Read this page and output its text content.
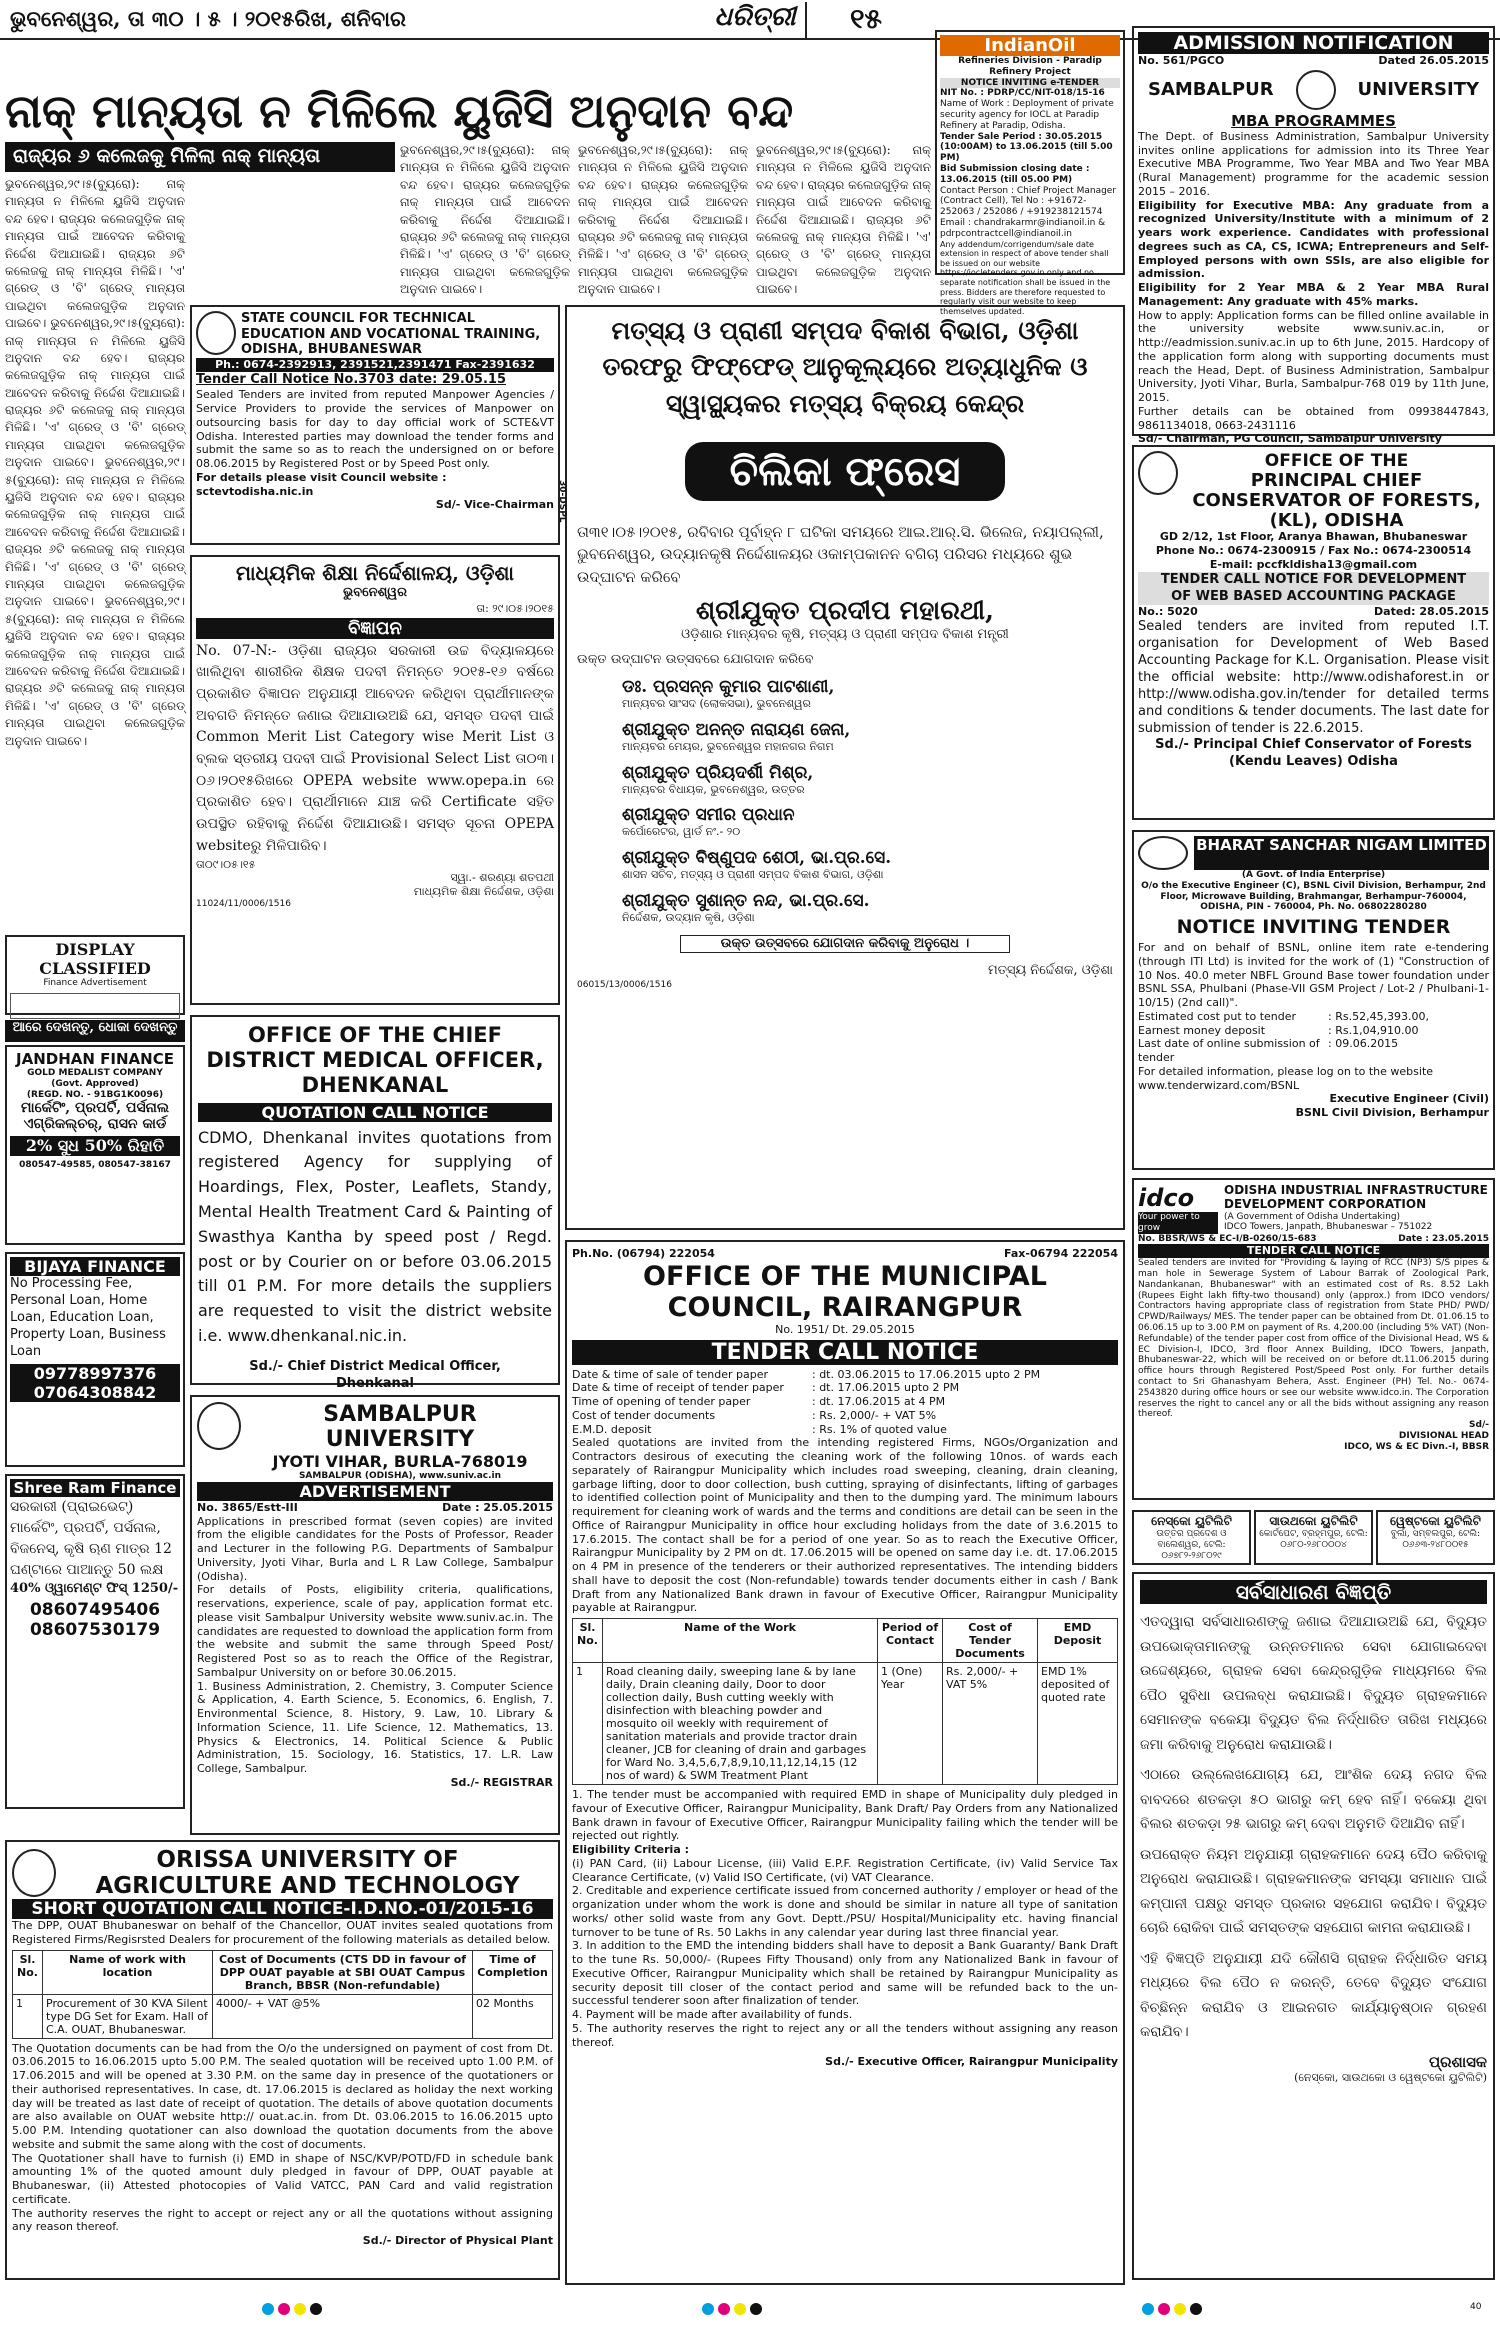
ଭୁବନେଶ୍ୱର, ତା ୩୦ । ୫ । ୨୦୧୫ରିଖ, ଶନିବାର	ଧରିତ୍ରୀ	୧୫
ନାକ୍ ମାନ୍ୟତା ନ ମିଳିଲେ ୟୁଜିସି ଅନୁଦାନ ବନ୍ଦ
ରାଜ୍ୟର ୬ କଲେଜକୁ ମିଳିଲା ନାକ୍ ମାନ୍ୟତା
ଭୁବନେଶ୍ୱର,୨୯।୫(ବ୍ୟୁରୋ): ନାକ୍ ମାନ୍ୟତା ନ ମିଳିଲେ ୟୁଜିସି ଅନୁଦାନ ବନ୍ଦ ହେବ। ରାଜ୍ୟର କଲେଜଗୁଡ଼ିକ ନାକ୍ ମାନ୍ୟତା ପାଇଁ ଆବେଦନ କରିବାକୁ ନିର୍ଦ୍ଦେଶ ଦିଆଯାଇଛି। ରାଜ୍ୟର ୬ଟି କଲେଜକୁ ନାକ୍ ମାନ୍ୟତା ମିଳିଛି। 'ଏ' ଗ୍ରେଡ୍ ଓ 'ବି' ଗ୍ରେଡ୍ ମାନ୍ୟତା ପାଇଥିବା କଲେଜଗୁଡ଼ିକ ଅନୁଦାନ ପାଇବେ। ଭୁବନେଶ୍ୱର,୨୯।୫(ବ୍ୟୁରୋ): ନାକ୍ ମାନ୍ୟତା ନ ମିଳିଲେ ୟୁଜିସି ଅନୁଦାନ ବନ୍ଦ ହେବ। ରାଜ୍ୟର କଲେଜଗୁଡ଼ିକ ନାକ୍ ମାନ୍ୟତା ପାଇଁ ଆବେଦନ କରିବାକୁ ନିର୍ଦ୍ଦେଶ ଦିଆଯାଇଛି। ରାଜ୍ୟର ୬ଟି କଲେଜକୁ ନାକ୍ ମାନ୍ୟତା ମିଳିଛି। 'ଏ' ଗ୍ରେଡ୍ ଓ 'ବି' ଗ୍ରେଡ୍ ମାନ୍ୟତା ପାଇଥିବା କଲେଜଗୁଡ଼ିକ ଅନୁଦାନ ପାଇବେ। ଭୁବନେଶ୍ୱର,୨୯।୫(ବ୍ୟୁରୋ): ନାକ୍ ମାନ୍ୟତା ନ ମିଳିଲେ ୟୁଜିସି ଅନୁଦାନ ବନ୍ଦ ହେବ। ରାଜ୍ୟର କଲେଜଗୁଡ଼ିକ ନାକ୍ ମାନ୍ୟତା ପାଇଁ ଆବେଦନ କରିବାକୁ ନିର୍ଦ୍ଦେଶ ଦିଆଯାଇଛି। ରାଜ୍ୟର ୬ଟି କଲେଜକୁ ନାକ୍ ମାନ୍ୟତା ମିଳିଛି। 'ଏ' ଗ୍ରେଡ୍ ଓ 'ବି' ଗ୍ରେଡ୍ ମାନ୍ୟତା ପାଇଥିବା କଲେଜଗୁଡ଼ିକ ଅନୁଦାନ ପାଇବେ। ଭୁବନେଶ୍ୱର,୨୯।୫(ବ୍ୟୁରୋ): ନାକ୍ ମାନ୍ୟତା ନ ମିଳିଲେ ୟୁଜିସି ଅନୁଦାନ ବନ୍ଦ ହେବ। ରାଜ୍ୟର କଲେଜଗୁଡ଼ିକ ନାକ୍ ମାନ୍ୟତା ପାଇଁ ଆବେଦନ କରିବାକୁ ନିର୍ଦ୍ଦେଶ ଦିଆଯାଇଛି। ରାଜ୍ୟର ୬ଟି କଲେଜକୁ ନାକ୍ ମାନ୍ୟତା ମିଳିଛି। 'ଏ' ଗ୍ରେଡ୍ ଓ 'ବି' ଗ୍ରେଡ୍ ମାନ୍ୟତା ପାଇଥିବା କଲେଜଗୁଡ଼ିକ ଅନୁଦାନ ପାଇବେ।
ଭୁବନେଶ୍ୱର,୨୯।୫(ବ୍ୟୁରୋ): ନାକ୍ ମାନ୍ୟତା ନ ମିଳିଲେ ୟୁଜିସି ଅନୁଦାନ ବନ୍ଦ ହେବ। ରାଜ୍ୟର କଲେଜଗୁଡ଼ିକ ନାକ୍ ମାନ୍ୟତା ପାଇଁ ଆବେଦନ କରିବାକୁ ନିର୍ଦ୍ଦେଶ ଦିଆଯାଇଛି। ରାଜ୍ୟର ୬ଟି କଲେଜକୁ ନାକ୍ ମାନ୍ୟତା ମିଳିଛି। 'ଏ' ଗ୍ରେଡ୍ ଓ 'ବି' ଗ୍ରେଡ୍ ମାନ୍ୟତା ପାଇଥିବା କଲେଜଗୁଡ଼ିକ ଅନୁଦାନ ପାଇବେ।
ଭୁବନେଶ୍ୱର,୨୯।୫(ବ୍ୟୁରୋ): ନାକ୍ ମାନ୍ୟତା ନ ମିଳିଲେ ୟୁଜିସି ଅନୁଦାନ ବନ୍ଦ ହେବ। ରାଜ୍ୟର କଲେଜଗୁଡ଼ିକ ନାକ୍ ମାନ୍ୟତା ପାଇଁ ଆବେଦନ କରିବାକୁ ନିର୍ଦ୍ଦେଶ ଦିଆଯାଇଛି। ରାଜ୍ୟର ୬ଟି କଲେଜକୁ ନାକ୍ ମାନ୍ୟତା ମିଳିଛି। 'ଏ' ଗ୍ରେଡ୍ ଓ 'ବି' ଗ୍ରେଡ୍ ମାନ୍ୟତା ପାଇଥିବା କଲେଜଗୁଡ଼ିକ ଅନୁଦାନ ପାଇବେ।
ଭୁବନେଶ୍ୱର,୨୯।୫(ବ୍ୟୁରୋ): ନାକ୍ ମାନ୍ୟତା ନ ମିଳିଲେ ୟୁଜିସି ଅନୁଦାନ ବନ୍ଦ ହେବ। ରାଜ୍ୟର କଲେଜଗୁଡ଼ିକ ନାକ୍ ମାନ୍ୟତା ପାଇଁ ଆବେଦନ କରିବାକୁ ନିର୍ଦ୍ଦେଶ ଦିଆଯାଇଛି। ରାଜ୍ୟର ୬ଟି କଲେଜକୁ ନାକ୍ ମାନ୍ୟତା ମିଳିଛି। 'ଏ' ଗ୍ରେଡ୍ ଓ 'ବି' ଗ୍ରେଡ୍ ମାନ୍ୟତା ପାଇଥିବା କଲେଜଗୁଡ଼ିକ ଅନୁଦାନ ପାଇବେ।
IndianOil
Refineries Division - Paradip Refinery Project
NOTICE INVITING e-TENDER
NIT No. : PDRP/CC/NIT-018/15-16
Name of Work : Deployment of private security agency for IOCL at Paradip Refinery at Paradip, Odisha.
Tender Sale Period : 30.05.2015 (10:00AM) to 13.06.2015 (till 5.00 PM)
Bid Submission closing date : 13.06.2015 (till 05.00 PM)
Contact Person : Chief Project Manager (Contract Cell), Tel No : +91672-252063 / 252086 / +919238121574
Email : chandrakarmr@indianoil.in & pdrpcontractcell@indianoil.in
Any addendum/corrigendum/sale date extension in respect of above tender shall be issued on our website https://iocletenders.gov.in only and no separate notification shall be issued in the press. Bidders are therefore requested to regularly visit our website to keep themselves updated.
ADMISSION NOTIFICATION
No. 561/PGCO	Dated 26.05.2015
SAMBALPUR	UNIVERSITY
MBA PROGRAMMES
The Dept. of Business Administration, Sambalpur University invites online applications for admission into its Three Year Executive MBA Programme, Two Year MBA and Two Year MBA (Rural Management) programme for the academic session 2015 – 2016.
Eligibility for Executive MBA: Any graduate from a recognized University/Institute with a minimum of 2 years work experience. Candidates with professional degrees such as CA, CS, ICWA; Entrepreneurs and Self-Employed persons with own SSIs, are also eligible for admission.
Eligibility for 2 Year MBA & 2 Year MBA Rural Management: Any graduate with 45% marks.
How to apply: Application forms can be filled online available in the university website www.suniv.ac.in, or http://eadmission.suniv.ac.in up to 6th June, 2015. Hardcopy of the application form along with supporting documents must reach the Head, Dept. of Business Administration, Sambalpur University, Jyoti Vihar, Burla, Sambalpur-768 019 by 11th June, 2015.
Further details can be obtained from 09938447843, 9861134018, 0663-2431116
Sd/- Chairman, PG Council, Sambalpur University
STATE COUNCIL FOR TECHNICAL EDUCATION AND VOCATIONAL TRAINING, ODISHA, BHUBANESWAR
Ph.: 0674-2392913, 2391521,2391471 Fax-2391632
Tender Call Notice No.3703 date: 29.05.15
Sealed Tenders are invited from reputed Manpower Agencies / Service Providers to provide the services of Manpower on outsourcing basis for day to day official work of SCTE&VT Odisha. Interested parties may download the tender forms and submit the same so as to reach the undersigned on or before 08.06.2015 by Registered Post or by Speed Post only.
For details please visit Council website : sctevtodisha.nic.in
Sd/- Vice-Chairman
ମାଧ୍ୟମିକ ଶିକ୍ଷା ନିର୍ଦ୍ଦେଶାଳୟ, ଓଡ଼ିଶା
ଭୁବନେଶ୍ୱର
ତା: ୨୯।୦୫।୨୦୧୫
ବିଜ୍ଞାପନ
No. 07-N:- ଓଡ଼ିଶା ରାଜ୍ୟର ସରକାରୀ ଉଚ୍ଚ ବିଦ୍ୟାଳୟରେ ଖାଲିଥିବା ଶାରୀରିକ ଶିକ୍ଷକ ପଦବୀ ନିମନ୍ତେ ୨୦୧୫-୧୬ ବର୍ଷରେ ପ୍ରକାଶିତ ବିଜ୍ଞାପନ ଅନୁଯାୟୀ ଆବେଦନ କରିଥିବା ପ୍ରାର୍ଥୀମାନଙ୍କ ଅବଗତି ନିମନ୍ତେ ଜଣାଇ ଦିଆଯାଉଅଛି ଯେ, ସମସ୍ତ ପଦବୀ ପାଇଁ Common Merit List Category wise Merit List ଓ ବ୍ଲକ ସ୍ତରୀୟ ପଦବୀ ପାଇଁ Provisional Select List ତା୦୩।୦୬।୨୦୧୫ରିଖରେ OPEPA website www.opepa.in ରେ ପ୍ରକାଶିତ ହେବ। ପ୍ରାର୍ଥୀମାନେ ଯାଞ୍ଚ କରି Certificate ସହିତ ଉପସ୍ଥିତ ରହିବାକୁ ନିର୍ଦ୍ଦେଶ ଦିଆଯାଉଛି। ସମସ୍ତ ସୂଚନା OPEPA websiteରୁ ମିଳିପାରିବ।
ତା୦୯।୦୫।୧୫
ସ୍ୱା.- ଶରଣ୍ୟା ଶତପଥୀ
ମାଧ୍ୟମିକ ଶିକ୍ଷା ନିର୍ଦ୍ଦେଶକ, ଓଡ଼ିଶା
11024/11/0006/1516
ମତ୍ସ୍ୟ ଓ ପ୍ରାଣୀ ସମ୍ପଦ ବିକାଶ ବିଭାଗ, ଓଡ଼ିଶା ତରଫରୁ ଫିଫ୍‌ଫେଡ୍ ଆନୁକୂଲ୍ୟରେ ଅତ୍ୟାଧୁନିକ ଓ ସ୍ୱାସ୍ଥ୍ୟକର ମତ୍ସ୍ୟ ବିକ୍ରୟ କେନ୍ଦ୍ର
ଚିଲିକା ଫ୍ରେସ
ତା୩୧।୦୫।୨୦୧୫, ରବିବାର ପୂର୍ବାହ୍ନ ୮ ଘଟିକା ସମୟରେ ଆଇ.ଆର୍.ସି. ଭିଲେଜ, ନୟାପଲ୍ଲୀ, ଭୁବନେଶ୍ୱର, ଉଦ୍ୟାନକୃଷି ନିର୍ଦ୍ଦେଶାଳୟର ଓକାମ୍ପକାନନ ବଗିଚା ପରିସର ମଧ୍ୟରେ ଶୁଭ ଉଦ୍‌ଘାଟନ କରିବେ
ଶ୍ରୀଯୁକ୍ତ ପ୍ରଦୀପ ମହାରଥୀ,
ଓଡ଼ିଶାର ମାନ୍ୟବର କୃଷି, ମତ୍ସ୍ୟ ଓ ପ୍ରାଣୀ ସମ୍ପଦ ବିକାଶ ମନ୍ତ୍ରୀ
ଉକ୍ତ ଉଦ୍‌ଘାଟନ ଉତ୍ସବରେ ଯୋଗଦାନ କରିବେ
ଡଃ. ପ୍ରସନ୍ନ କୁମାର ପାଟଶାଣୀ,
ମାନ୍ୟବର ସାଂସଦ (ଲୋକସଭା), ଭୁବନେଶ୍ୱର
ଶ୍ରୀଯୁକ୍ତ ଅନନ୍ତ ନାରାୟଣ ଜେନା,
ମାନ୍ୟବର ମେୟର, ଭୁବନେଶ୍ୱର ମହାନଗର ନିଗମ
ଶ୍ରୀଯୁକ୍ତ ପ୍ରିୟଦର୍ଶୀ ମିଶ୍ର,
ମାନ୍ୟବର ବିଧାୟକ, ଭୁବନେଶ୍ୱର, ଉତ୍ତର
ଶ୍ରୀଯୁକ୍ତ ସମୀର ପ୍ରଧାନ
କର୍ପୋରେଟର, ୱାର୍ଡ ନଂ.- ୨୦
ଶ୍ରୀଯୁକ୍ତ ବିଷ୍ଣୁପଦ ଶେଠୀ, ଭା.ପ୍ର.ସେ.
ଶାସନ ସଚିବ, ମତ୍ସ୍ୟ ଓ ପ୍ରାଣୀ ସମ୍ପଦ ବିକାଶ ବିଭାଗ, ଓଡ଼ିଶା
ଶ୍ରୀଯୁକ୍ତ ସୁଶାନ୍ତ ନନ୍ଦ, ଭା.ପ୍ର.ସେ.
ନିର୍ଦ୍ଦେଶକ, ଉଦ୍ୟାନ କୃଷି, ଓଡ଼ିଶା
ଉକ୍ତ ଉତ୍ସବରେ ଯୋଗଦାନ କରିବାକୁ ଅନୁରୋଧ ।
ମତ୍ସ୍ୟ ନିର୍ଦ୍ଦେଶକ, ଓଡ଼ିଶା
06015/13/0006/1516
30-DSPL
OFFICE OF THE
PRINCIPAL CHIEF CONSERVATOR OF FORESTS, (KL), ODISHA
GD 2/12, 1st Floor, Aranya Bhawan, Bhubaneswar
Phone No.: 0674-2300915 / Fax No.: 0674-2300514
E-mail: pccfkldisha13@gmail.com
TENDER CALL NOTICE FOR DEVELOPMENT
OF WEB BASED ACCOUNTING PACKAGE
No.: 5020	Dated: 28.05.2015
Sealed tenders are invited from reputed I.T. organisation for Development of Web Based Accounting Package for K.L. Organisation. Please visit the official website: http://www.odishaforest.in or http://www.odisha.gov.in/tender for detailed terms and conditions & tender documents. The last date for submission of tender is 22.6.2015.
Sd./- Principal Chief Conservator of Forests (Kendu Leaves) Odisha
BHARAT SANCHAR NIGAM LIMITED
(A Govt. of India Enterprise)
O/o the Executive Engineer (C), BSNL Civil Division, Berhampur, 2nd Floor, Microwave Building, Brahmangar, Berhampur-760004, ODISHA, PIN - 760004, Ph. No. 06802280280
NOTICE INVITING TENDER
For and on behalf of BSNL, online item rate e-tendering (through ITI Ltd) is invited for the work of (1) "Construction of 10 Nos. 40.0 meter NBFL Ground Base tower foundation under BSNL SSA, Phulbani (Phase-VII GSM Project / Lot-2 / Phulbani-1-10/15) (2nd call)".
Estimated cost put to tender	: Rs.52,45,393.00,
Earnest money deposit	: Rs.1,04,910.00
Last date of online submission of tender
: 09.06.2015
For detailed information, please log on to the website www.tenderwizard.com/BSNL
Executive Engineer (Civil)
BSNL Civil Division, Berhampur
idco
Your power to grow
ODISHA INDUSTRIAL INFRASTRUCTURE DEVELOPMENT CORPORATION
(A Government of Odisha Undertaking)
IDCO Towers, Janpath, Bhubaneswar – 751022
No. BBSR/WS & EC-I/B-0260/15-683	Date : 23.05.2015
TENDER CALL NOTICE
Sealed tenders are invited for "Providing & laying of RCC (NP3) S/S pipes & man hole in Sewerage System of Labour Barrak of Zoological Park, Nandankanan, Bhubaneswar" with an estimated cost of Rs. 8.52 Lakh (Rupees Eight lakh fifty-two thousand) only (approx.) from IDCO vendors/ Contractors having appropriate class of registration from State PHD/ PWD/ CPWD/Railways/ MES. The tender paper can be obtained from Dt. 01.06.15 to 06.06.15 up to 3.00 P.M on payment of Rs. 4,200.00 (including 5% VAT) (Non-Refundable) of the tender paper cost from office of the Divisional Head, WS & EC Division-I, IDCO, 3rd floor Annex Building, IDCO Towers, Janpath, Bhubaneswar-22, which will be received on or before dt.11.06.2015 during office hours through Registered Post/Speed Post only. For further details contact to Sri Ghanashyam Behera, Asst. Engineer (PH) Tel. No.- 0674-2543820 during office hours or see our website www.idco.in. The Corporation reserves the right to cancel any or all the bids without assigning any reason thereof.
Sd/-
DIVISIONAL HEAD
IDCO, WS & EC Divn.-I, BBSR
ନେସ୍କୋ ୟୁଟିଲିଟି
ଉତ୍ତର ପ୍ରଦେଶ ଓ ବାଲେଶ୍ୱର, ଟେଲି: ୦୬୭୮୨-୨୬୮୦୨୯
ସାଉଥକୋ ୟୁଟିଲିଟି
କୋର୍ଟପେଟ, ବ୍ରହ୍ମପୁର, ଟେଲି: ୦୬୮୦-୨୬୮୦୦୦୪
ୱେଷ୍ଟକୋ ୟୁଟିଲିଟି
ବୁର୍ଲା, ସମ୍ବଲପୁର, ଟେଲି: ୦୬୬୩-୨୪୮୦୦୧୫
ସର୍ବସାଧାରଣ ବିଜ୍ଞପ୍ତି
ଏତଦ୍ୱାରା ସର୍ବସାଧାରଣଙ୍କୁ ଜଣାଇ ଦିଆଯାଉଅଛି ଯେ, ବିଦ୍ୟୁତ ଉପଭୋକ୍ତାମାନଙ୍କୁ ଉନ୍ନତମାନର ସେବା ଯୋଗାଇଦେବା ଉଦ୍ଦେଶ୍ୟରେ, ଗ୍ରାହକ ସେବା କେନ୍ଦ୍ରଗୁଡ଼ିକ ମାଧ୍ୟମରେ ବିଲ ପୈଠ ସୁବିଧା ଉପଲବ୍ଧ କରାଯାଇଛି। ବିଦ୍ୟୁତ ଗ୍ରାହକମାନେ ସେମାନଙ୍କ ବକେୟା ବିଦ୍ୟୁତ ବିଲ ନିର୍ଦ୍ଧାରିତ ତାରିଖ ମଧ୍ୟରେ ଜମା କରିବାକୁ ଅନୁରୋଧ କରାଯାଉଛି।
ଏଠାରେ ଉଲ୍ଲେଖଯୋଗ୍ୟ ଯେ, ଆଂଶିକ ଦେୟ ନଗଦ ବିଲ ବାବଦରେ ଶତକଡ଼ା ୫୦ ଭାଗରୁ କମ୍ ହେବ ନାହିଁ। ବକେୟା ଥିବା ବିଲର ଶତକଡ଼ା ୨୫ ଭାଗରୁ କମ୍ ଦେବା ଅନୁମତି ଦିଆଯିବ ନାହିଁ।
ଉପରୋକ୍ତ ନିୟମ ଅନୁଯାୟୀ ଗ୍ରାହକମାନେ ଦେୟ ପୈଠ କରିବାକୁ ଅନୁରୋଧ କରାଯାଉଛି। ଗ୍ରାହକମାନଙ୍କ ସମସ୍ୟା ସମାଧାନ ପାଇଁ କମ୍ପାନୀ ପକ୍ଷରୁ ସମସ୍ତ ପ୍ରକାର ସହଯୋଗ କରାଯିବ। ବିଦ୍ୟୁତ ଚୋରି ରୋକିବା ପାଇଁ ସମସ୍ତଙ୍କ ସହଯୋଗ କାମନା କରାଯାଉଛି।
ଏହି ବିଜ୍ଞପ୍ତି ଅନୁଯାୟୀ ଯଦି କୌଣସି ଗ୍ରାହକ ନିର୍ଦ୍ଧାରିତ ସମୟ ମଧ୍ୟରେ ବିଲ ପୈଠ ନ କରନ୍ତି, ତେବେ ବିଦ୍ୟୁତ ସଂଯୋଗ ବିଚ୍ଛିନ୍ନ କରାଯିବ ଓ ଆଇନଗତ କାର୍ଯ୍ୟାନୁଷ୍ଠାନ ଗ୍ରହଣ କରାଯିବ।
ପ୍ରଶାସକ
(ନେସ୍କୋ, ସାଉଥକୋ ଓ ୱେଷ୍ଟକୋ ୟୁଟିଲିଟି)
Ph.No. (06794) 222054	Fax-06794 222054
OFFICE OF THE MUNICIPAL COUNCIL, RAIRANGPUR
No. 1951/ Dt. 29.05.2015
TENDER CALL NOTICE
Date & time of sale of tender paper	: dt. 03.06.2015 to 17.06.2015 upto 2 PM
Date & time of receipt of tender paper	: dt. 17.06.2015 upto 2 PM
Time of opening of tender paper	: dt. 17.06.2015 at 4 PM
Cost of tender documents	: Rs. 2,000/- + VAT 5%
E.M.D. deposit	: Rs. 1% of quoted value
Sealed quotations are invited from the intending registered Firms, NGOs/Organization and Contractors desirous of executing the cleaning work of the following 10nos. of wards each separately of Rairangpur Municipality which includes road sweeping, cleaning, drain cleaning, garbage lifting, door to door collection, bush cutting, spraying of disinfectants, lifting of garbages to identified collection point of Municipality and then to the dumping yard. The minimum labours requirement for cleaning work of wards and the terms and conditions are detail can be seen in the Office of Rairangpur Municipality in office hour excluding holidays from the date of 3.6.2015 to 17.6.2015. The contact shall be for a period of one year. So as to reach the Executive Officer, Rairangpur Municipality by 2 PM on dt. 17.06.2015 will be opened on same day i.e. dt. 17.06.2015 on 4 PM in presence of the tenderers or their authorized representatives. The intending bidders shall have to deposit the cost (Non-refundable) towards tender documents either in cash / Bank Draft from any Nationalized Bank drawn in favour of Executive Officer, Rairangpur Municipality payable at Rairangpur.
Sl. No.	Name of the Work	Period of Contact	Cost of Tender Documents	EMD Deposit
1	Road cleaning daily, sweeping lane & by lane daily, Drain cleaning daily, Door to door collection daily, Bush cutting weekly with disinfection with bleaching powder and mosquito oil weekly with requirement of sanitation materials and provide tractor drain cleaner, JCB for cleaning of drain and garbages for Ward No. 3,4,5,6,7,8,9,10,11,12,14,15 (12 nos of ward) & SWM Treatment Plant	1 (One) Year	Rs. 2,000/- + VAT 5%	EMD 1% deposited of quoted rate
1. The tender must be accompanied with required EMD in shape of Municipality duly pledged in favour of Executive Officer, Rairangpur Municipality, Bank Draft/ Pay Orders from any Nationalized Bank drawn in favour of Executive Officer, Rairangpur Municipality failing which the tender will be rejected out rightly.
Eligibility Criteria :
(i) PAN Card, (ii) Labour License, (iii) Valid E.P.F. Registration Certificate, (iv) Valid Service Tax Clearance Certificate, (v) Valid ISO Certificate, (vi) VAT Clearance.
2. Creditable and experience certificate issued from concerned authority / employer or head of the organization under whom the work is done and should be similar in nature all type of sanitation works/ other solid waste from any Govt. Deptt./PSU/ Hospital/Municipality etc. having financial turnover to be tune of Rs. 50 Lakhs in any calendar year during last three financial year.
3. In addition to the EMD the intending bidders shall have to deposit a Bank Guaranty/ Bank Draft to the tune Rs. 50,000/- (Rupees Fifty Thousand) only from any Nationalized Bank in favour of Executive Officer, Rairangpur Municipality which shall be retained by Rairangpur Municipality as security deposit till closer of the contact period and same will be refunded back to the un-successful tenderer soon after finalization of tender.
4. Payment will be made after availability of funds.
5. The authority reserves the right to reject any or all the tenders without assigning any reason thereof.
Sd./- Executive Officer, Rairangpur Municipality
OFFICE OF THE CHIEF DISTRICT MEDICAL OFFICER, DHENKANAL
QUOTATION CALL NOTICE
CDMO, Dhenkanal invites quotations from registered Agency for supplying of Hoardings, Flex, Poster, Leaflets, Standy, Mental Health Treatment Card & Painting of Swasthya Kantha by speed post / Regd. post or by Courier on or before 03.06.2015 till 01 P.M. For more details the suppliers are requested to visit the district website i.e. www.dhenkanal.nic.in.
Sd./- Chief District Medical Officer,
Dhenkanal
SAMBALPUR UNIVERSITY
JYOTI VIHAR, BURLA-768019
SAMBALPUR (ODISHA), www.suniv.ac.in
ADVERTISEMENT
No. 3865/Estt-III	Date : 25.05.2015
Applications in prescribed format (seven copies) are invited from the eligible candidates for the Posts of Professor, Reader and Lecturer in the following P.G. Departments of Sambalpur University, Jyoti Vihar, Burla and L R Law College, Sambalpur (Odisha).
For details of Posts, eligibility criteria, qualifications, reservations, experience, scale of pay, application format etc. please visit Sambalpur University website www.suniv.ac.in. The candidates are requested to download the application form from the website and submit the same through Speed Post/ Registered Post so as to reach the Office of the Registrar, Sambalpur University on or before 30.06.2015.
1. Business Administration, 2. Chemistry, 3. Computer Science & Application, 4. Earth Science, 5. Economics, 6. English, 7. Environmental Science, 8. History, 9. Law, 10. Library & Information Science, 11. Life Science, 12. Mathematics, 13. Physics & Electronics, 14. Political Science & Public Administration, 15. Sociology, 16. Statistics, 17. L.R. Law College, Sambalpur.
Sd./- REGISTRAR
ORISSA UNIVERSITY OF
AGRICULTURE AND TECHNOLOGY
SHORT QUOTATION CALL NOTICE-I.D.NO.-01/2015-16
The DPP, OUAT Bhubaneswar on behalf of the Chancellor, OUAT invites sealed quotations from Registered Firms/Regisrsted Dealers for procurement of the following materials as detailed below.
Sl. No.	Name of work with location	Cost of Documents (CTS DD in favour of DPP OUAT payable at SBI OUAT Campus Branch, BBSR (Non-refundable)	Time of Completion
1	Procurement of 30 KVA Silent type DG Set for Exam. Hall of C.A. OUAT, Bhubaneswar.	4000/- + VAT @5%	02 Months
The Quotation documents can be had from the O/o the undersigned on payment of cost from Dt. 03.06.2015 to 16.06.2015 upto 5.00 P.M. The sealed quotation will be received upto 1.00 P.M. of 17.06.2015 and will be opened at 3.30 P.M. on the same day in presence of the quotationers or their authorised representatives. In case, dt. 17.06.2015 is declared as holiday the next working day will be treated as last date of receipt of quotation. The details of above quotation documents are also available on OUAT website http:// ouat.ac.in. from Dt. 03.06.2015 to 16.06.2015 upto 5.00 P.M. Intending quotationer can also download the quotation documents from the above website and submit the same along with the cost of documents.
The Quotationer shall have to furnish (i) EMD in shape of NSC/KVP/POTD/FD in schedule bank amounting 1% of the quoted amount duly pledged in favour of DPP, OUAT payable at Bhubaneswar, (ii) Attested photocopies of Valid VATCC, PAN Card and valid registration certificate.
The authority reserves the right to accept or reject any or all the quotations without assigning any reason thereof.
Sd./- Director of Physical Plant
DISPLAY CLASSIFIED
Finance Advertisement
ଆରେ ଦେଖନ୍ତୁ, ଧୋକା ଦେଖନ୍ତୁ
JANDHAN FINANCE
GOLD MEDALIST COMPANY (Govt. Approved)
(REGD. NO. - 91BG1K0096)
ମାର୍କେଟିଂ, ପ୍ରପର୍ଟି, ପର୍ସନାଲ
ଏଗ୍ରିକଲ୍ଚର୍, ରାସନ କାର୍ଡ
2% ସୁଧ 50% ରିହାତି
080547-49585, 080547-38167
BIJAYA FINANCE
No Processing Fee, Personal Loan, Home Loan, Education Loan, Property Loan, Business Loan
09778997376
07064308842
Shree Ram Finance
ସରକାରୀ (ପ୍ରାଇଭେଟ୍) ମାର୍କେଟିଂ, ପ୍ରପର୍ଟି, ପର୍ସନାଲ, ବିଜନେସ୍, କୃଷି ଋଣ ମାତ୍ର 12 ଘଣ୍ଟାରେ ପାଆନ୍ତୁ 50 ଲକ୍ଷ
40% ଓ୍ୱାମେଣ୍ଟ ଫିସ୍ 1250/-
08607495406
08607530179
40
